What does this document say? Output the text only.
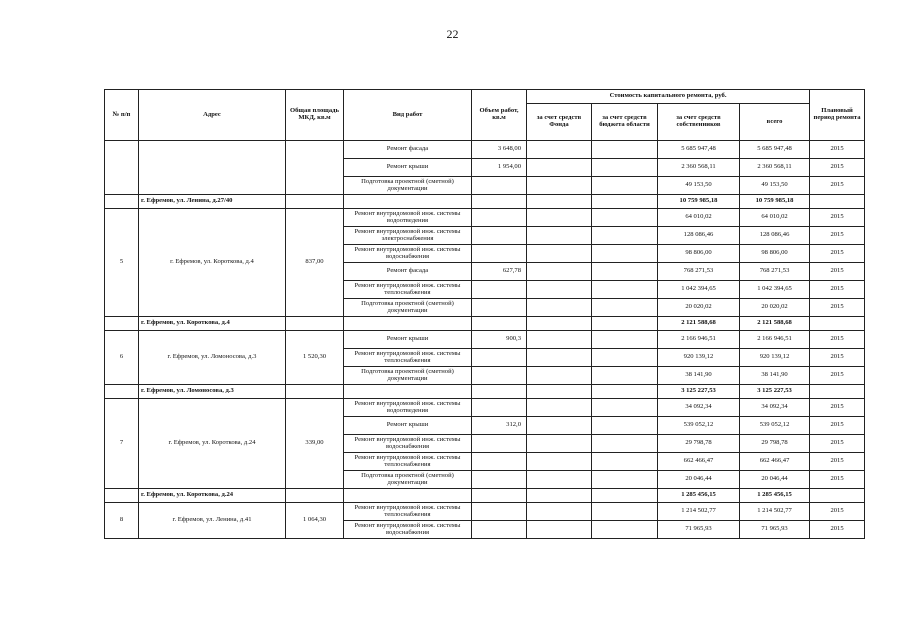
22
№ п/п	Адрес	Общая площадь МКД, кв.м	Вид работ	Объем работ, кв.м	Стоимость капитального ремонта, руб.				Плановый период ремонта
					за счет средств Фонда	за счет средств бюджета области	за счет средств собственников	всего	
			Ремонт фасада	3 648,00			5 685 947,48	5 685 947,48	2015
			Ремонт крыши	1 954,00			2 360 568,11	2 360 568,11	2015
			Подготовка проектной (сметной) документации				49 153,50	49 153,50	2015
	г. Ефремов, ул. Ленина, д.27/40						10 759 985,18	10 759 985,18	
5	г. Ефремов, ул. Короткова, д.4	837,00	Ремонт внутридомовой инж. системы водоотведения				64 010,02	64 010,02	2015
			Ремонт внутридомовой инж. системы электроснабжения				128 086,46	128 086,46	2015
			Ремонт внутридомовой инж. системы водоснабжения				98 806,00	98 806,00	2015
			Ремонт фасада	627,78			768 271,53	768 271,53	2015
			Ремонт внутридомовой инж. системы теплоснабжения				1 042 394,65	1 042 394,65	2015
			Подготовка проектной (сметной) документации				20 020,02	20 020,02	2015
	г. Ефремов, ул. Короткова, д.4						2 121 588,68	2 121 588,68	
6	г. Ефремов, ул. Ломоносова, д.3	1 520,30	Ремонт крыши	900,3			2 166 946,51	2 166 946,51	2015
			Ремонт внутридомовой инж. системы теплоснабжения				920 139,12	920 139,12	2015
			Подготовка проектной (сметной) документации				38 141,90	38 141,90	2015
	г. Ефремов, ул. Ломоносова, д.3						3 125 227,53	3 125 227,53	
7	г. Ефремов, ул. Короткова, д.24	339,00	Ремонт внутридомовой инж. системы водоотведения				34 092,34	34 092,34	2015
			Ремонт крыши	312,0			539 052,12	539 052,12	2015
			Ремонт внутридомовой инж. системы водоснабжения				29 798,78	29 798,78	2015
			Ремонт внутридомовой инж. системы теплоснабжения				662 466,47	662 466,47	2015
			Подготовка проектной (сметной) документации				20 046,44	20 046,44	2015
	г. Ефремов, ул. Короткова, д.24						1 285 456,15	1 285 456,15	
8	г. Ефремов, ул. Ленина, д.41	1 064,30	Ремонт внутридомовой инж. системы теплоснабжения				1 214 502,77	1 214 502,77	2015
			Ремонт внутридомовой инж. системы водоснабжения				71 965,93	71 965,93	2015
